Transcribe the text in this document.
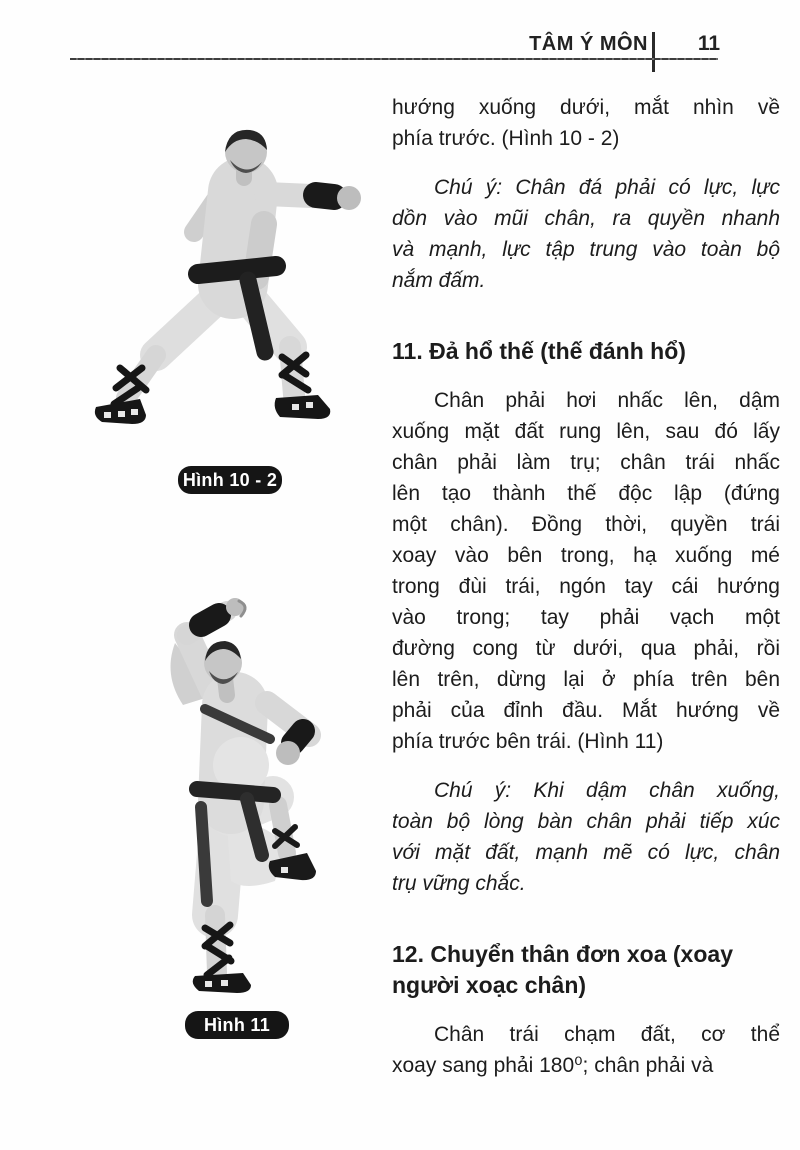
TÂM Ý MÔN	11
Hình 10 - 2
Hình 11
hướng xuống dưới, mắt nhìn về
phía trước. (Hình 10 - 2)
Chú ý: Chân đá phải có lực, lực
dồn vào mũi chân, ra quyền nhanh
và mạnh, lực tập trung vào toàn bộ
nắm đấm.
11. Đả hổ thế (thế đánh hổ)
Chân phải hơi nhấc lên, dậm
xuống mặt đất rung lên, sau đó lấy
chân phải làm trụ; chân trái nhấc
lên tạo thành thế độc lập (đứng
một chân). Đồng thời, quyền trái
xoay vào bên trong, hạ xuống mé
trong đùi trái, ngón tay cái hướng
vào trong; tay phải vạch một
đường cong từ dưới, qua phải, rồi
lên trên, dừng lại ở phía trên bên
phải của đỉnh đầu. Mắt hướng về
phía trước bên trái. (Hình 11)
Chú ý: Khi dậm chân xuống,
toàn bộ lòng bàn chân phải tiếp xúc
với mặt đất, mạnh mẽ có lực, chân
trụ vững chắc.
12. Chuyển thân đơn xoa (xoay
người xoạc chân)
Chân trái chạm đất, cơ thể
xoay sang phải 180⁰; chân phải và
